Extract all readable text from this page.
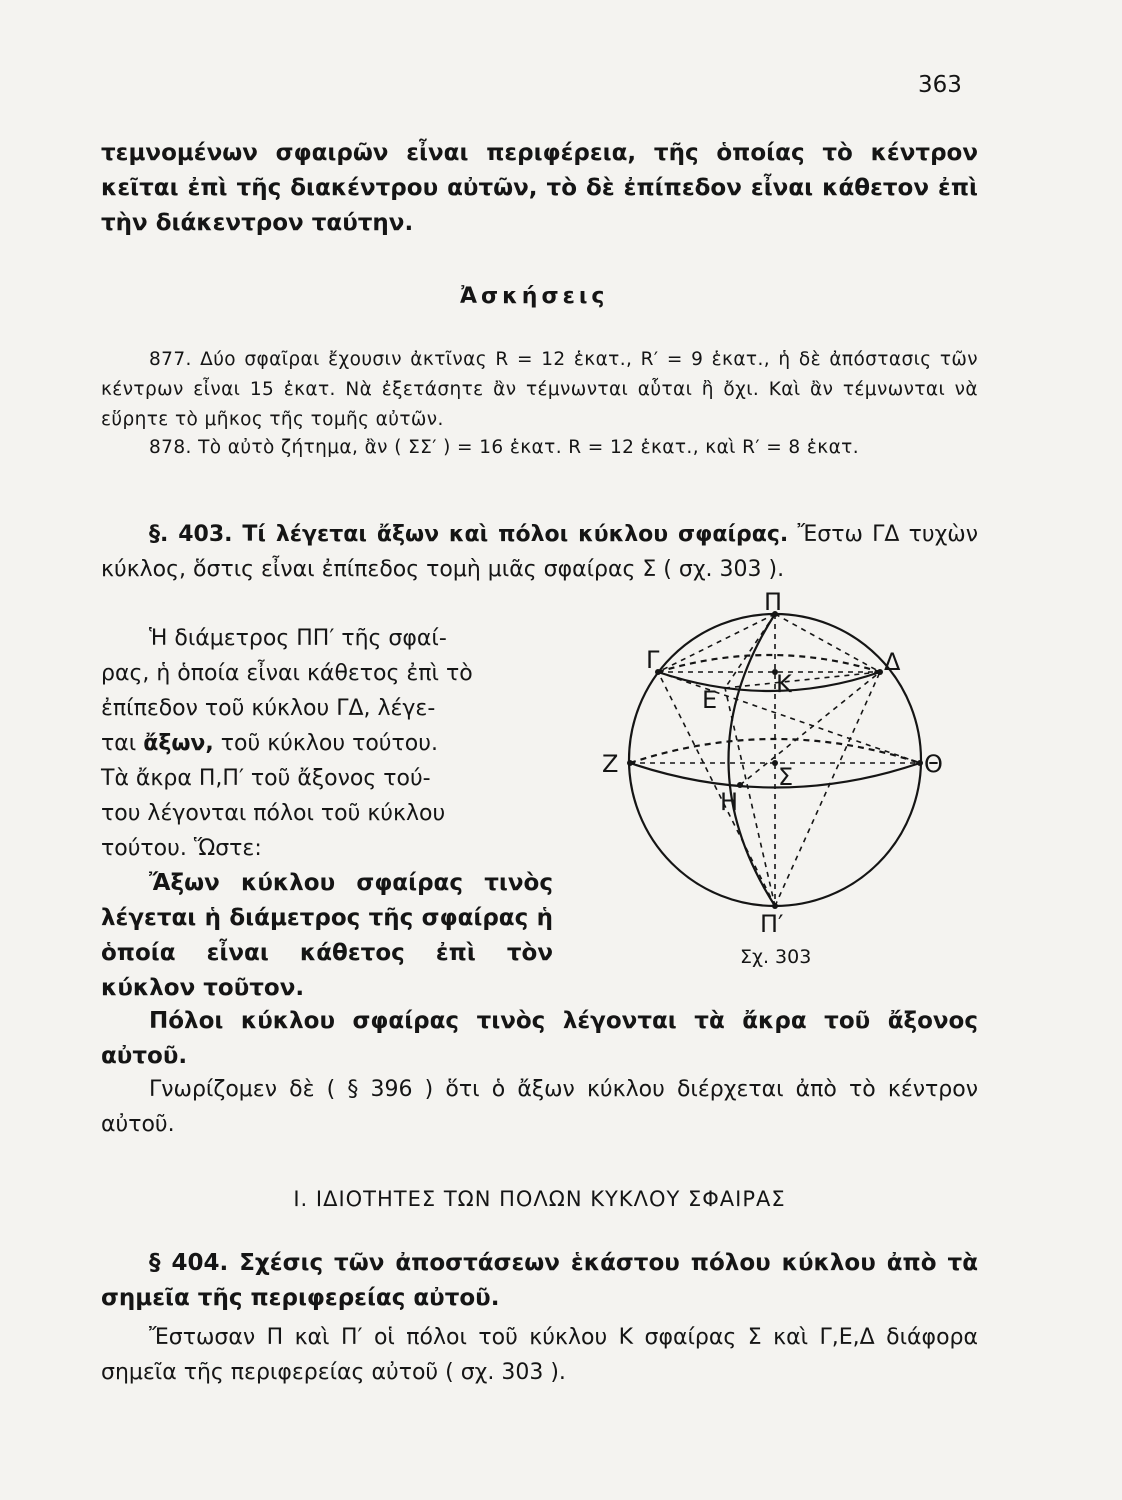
363

τεμνομένων σφαιρῶν εἶναι περιφέρεια, τῆς ὁποίας τὸ κέντρον κεῖται ἐπὶ τῆς διακέντρου αὐτῶν, τὸ δὲ ἐπίπεδον εἶναι κάθετον ἐπὶ τὴν διάκεντρον ταύτην.

Ἀσκήσεις

877. Δύο σφαῖραι ἔχουσιν ἀκτῖνας R = 12 ἑκατ., R′ = 9 ἑκατ., ἡ δὲ ἀπόστασις τῶν κέντρων εἶναι 15 ἑκατ. Νὰ ἐξετάσητε ἂν τέμνωνται αὗται ἢ ὄχι. Καὶ ἂν τέμνωνται νὰ εὕρητε τὸ μῆκος τῆς τομῆς αὐτῶν.

878. Τὸ αὐτὸ ζήτημα, ἂν ( ΣΣ′ ) = 16 ἑκατ. R = 12 ἑκατ., καὶ R′ = 8 ἑκατ.

§. 403. Τί λέγεται ἄξων καὶ πόλοι κύκλου σφαίρας. Ἔστω ΓΔ τυχὼν κύκλος, ὅστις εἶναι ἐπίπεδος τομὴ μιᾶς σφαίρας Σ ( σχ. 303 ).

Ἡ διάμετρος ΠΠ′ τῆς σφαί-
ρας, ἡ ὁποία εἶναι κάθετος ἐπὶ τὸ
ἐπίπεδον τοῦ κύκλου ΓΔ, λέγε-
ται ἄξων, τοῦ κύκλου τούτου.
Τὰ ἄκρα Π,Π′ τοῦ ἄξονος τού-
του λέγονται πόλοι τοῦ κύκλου
τούτου. Ὥστε:

Ἄξων κύκλου σφαίρας τινὸς λέγεται ἡ διάμετρος τῆς σφαίρας ἡ ὁποία εἶναι κάθετος ἐπὶ τὸν κύκλον τοῦτον.

Πόλοι κύκλου σφαίρας τινὸς λέγονται τὰ ἄκρα τοῦ ἄξονος αὐτοῦ.

Γνωρίζομεν δὲ ( § 396 ) ὅτι ὁ ἄξων κύκλου διέρχεται ἀπὸ τὸ κέντρον αὐτοῦ.

Ι. ΙΔΙΟΤΗΤΕΣ ΤΩΝ ΠΟΛΩΝ ΚΥΚΛΟΥ ΣΦΑΙΡΑΣ

§ 404. Σχέσις τῶν ἀποστάσεων ἑκάστου πόλου κύκλου ἀπὸ τὰ σημεῖα τῆς περιφερείας αὐτοῦ.

Ἔστωσαν Π καὶ Π′ οἱ πόλοι τοῦ κύκλου Κ σφαίρας Σ καὶ Γ,Ε,Δ διάφορα σημεῖα τῆς περιφερείας αὐτοῦ ( σχ. 303 ).

Π
Π′
Γ	Δ
Ε
Κ
Ζ	Θ
Η
Σ
Σχ. 303
